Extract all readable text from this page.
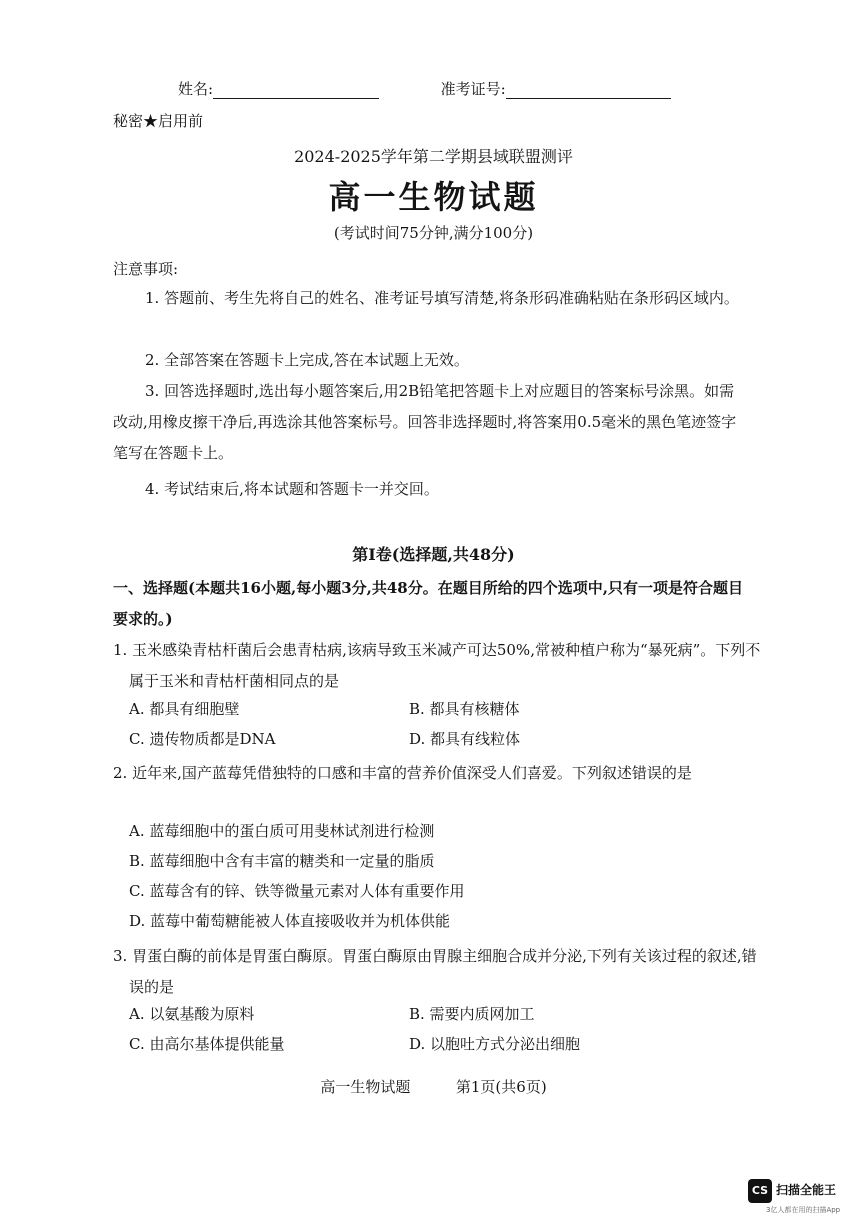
姓名:	准考证号:
秘密★启用前
2024-2025学年第二学期县域联盟测评
高一生物试题
(考试时间75分钟,满分100分)
注意事项:
1. 答题前、考生先将自己的姓名、准考证号填写清楚,将条形码准确粘贴在条形码区域内。
2. 全部答案在答题卡上完成,答在本试题上无效。
3. 回答选择题时,选出每小题答案后,用2B铅笔把答题卡上对应题目的答案标号涂黑。如需改动,用橡皮擦干净后,再选涂其他答案标号。回答非选择题时,将答案用0.5毫米的黑色笔迹签字笔写在答题卡上。
4. 考试结束后,将本试题和答题卡一并交回。
第Ⅰ卷(选择题,共48分)
一、选择题(本题共16小题,每小题3分,共48分。在题目所给的四个选项中,只有一项是符合题目要求的。)
1. 玉米感染青枯杆菌后会患青枯病,该病导致玉米减产可达50%,常被种植户称为“暴死病”。下列不属于玉米和青枯杆菌相同点的是
A. 都具有细胞壁	B. 都具有核糖体
C. 遗传物质都是DNA	D. 都具有线粒体
2. 近年来,国产蓝莓凭借独特的口感和丰富的营养价值深受人们喜爱。下列叙述错误的是
A. 蓝莓细胞中的蛋白质可用斐林试剂进行检测
B. 蓝莓细胞中含有丰富的糖类和一定量的脂质
C. 蓝莓含有的锌、铁等微量元素对人体有重要作用
D. 蓝莓中葡萄糖能被人体直接吸收并为机体供能
3. 胃蛋白酶的前体是胃蛋白酶原。胃蛋白酶原由胃腺主细胞合成并分泌,下列有关该过程的叙述,错误的是
A. 以氨基酸为原料	B. 需要内质网加工
C. 由高尔基体提供能量	D. 以胞吐方式分泌出细胞
高一生物试题	第1页(共6页)
CS 扫描全能王
3亿人都在用的扫描App
